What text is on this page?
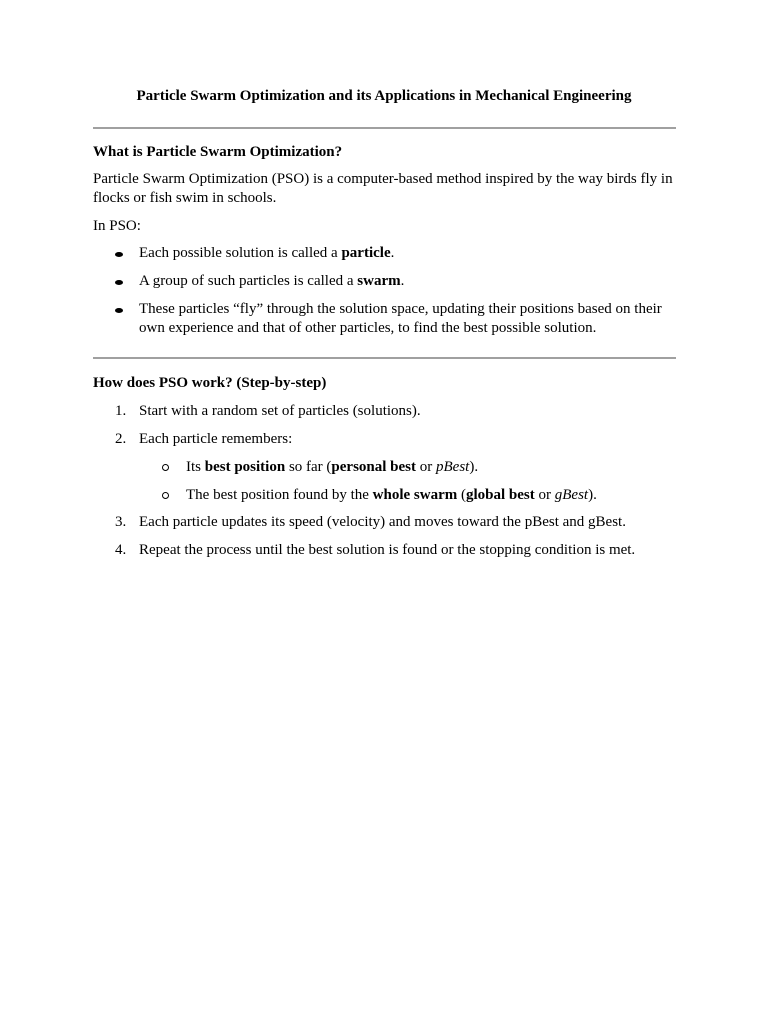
Particle Swarm Optimization and its Applications in Mechanical Engineering

What is Particle Swarm Optimization?

Particle Swarm Optimization (PSO) is a computer-based method inspired by the way birds fly in flocks or fish swim in schools.

In PSO:

Each possible solution is called a particle.

A group of such particles is called a swarm.

These particles “fly” through the solution space, updating their positions based on their own experience and that of other particles, to find the best possible solution.

How does PSO work? (Step-by-step)

1. Start with a random set of particles (solutions).

2. Each particle remembers:

Its best position so far (personal best or pBest).

The best position found by the whole swarm (global best or gBest).

3. Each particle updates its speed (velocity) and moves toward the pBest and gBest.

4. Repeat the process until the best solution is found or the stopping condition is met.
